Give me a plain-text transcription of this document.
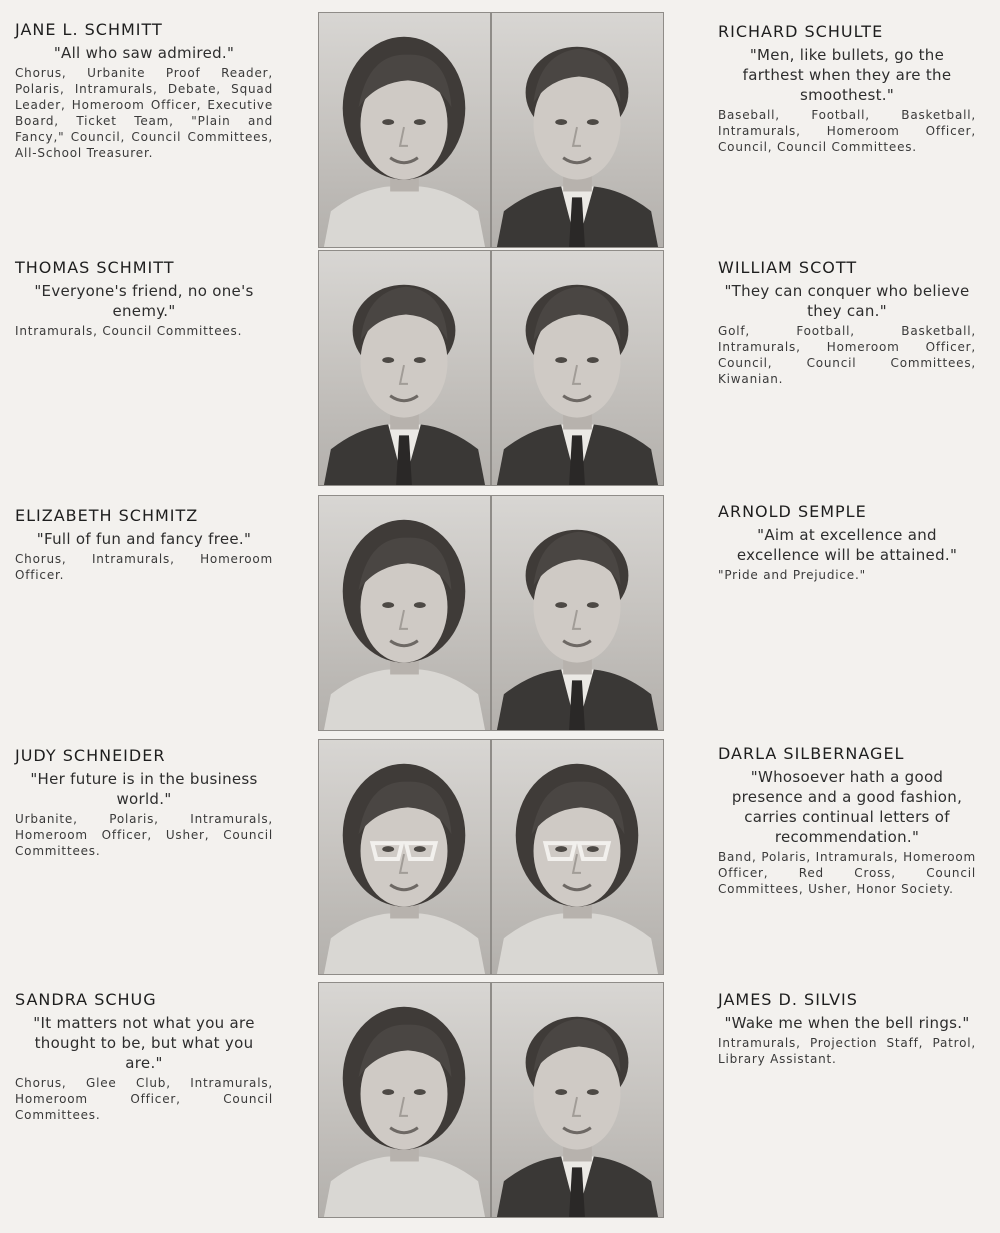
JANE L. SCHMITT
"All who saw admired."
Chorus, Urbanite Proof Reader, Polaris, Intramurals, Debate, Squad Leader, Homeroom Officer, Executive Board, Ticket Team, "Plain and Fancy," Council, Council Committees, All-School Treasurer.
RICHARD SCHULTE
"Men, like bullets, go the farthest when they are the smoothest."
Baseball, Football, Basketball, Intramurals, Homeroom Officer, Council, Council Committees.
THOMAS SCHMITT
"Everyone's friend, no one's enemy."
Intramurals, Council Committees.
WILLIAM SCOTT
"They can conquer who believe they can."
Golf, Football, Basketball, Intramurals, Homeroom Officer, Council, Council Committees, Kiwanian.
ELIZABETH SCHMITZ
"Full of fun and fancy free."
Chorus, Intramurals, Homeroom Officer.
ARNOLD SEMPLE
"Aim at excellence and excellence will be attained."
"Pride and Prejudice."
JUDY SCHNEIDER
"Her future is in the business world."
Urbanite, Polaris, Intramurals, Homeroom Officer, Usher, Council Committees.
DARLA SILBERNAGEL
"Whosoever hath a good presence and a good fashion, carries continual letters of recommendation."
Band, Polaris, Intramurals, Homeroom Officer, Red Cross, Council Committees, Usher, Honor Society.
SANDRA SCHUG
"It matters not what you are thought to be, but what you are."
Chorus, Glee Club, Intramurals, Homeroom Officer, Council Committees.
JAMES D. SILVIS
"Wake me when the bell rings."
Intramurals, Projection Staff, Patrol, Library Assistant.
